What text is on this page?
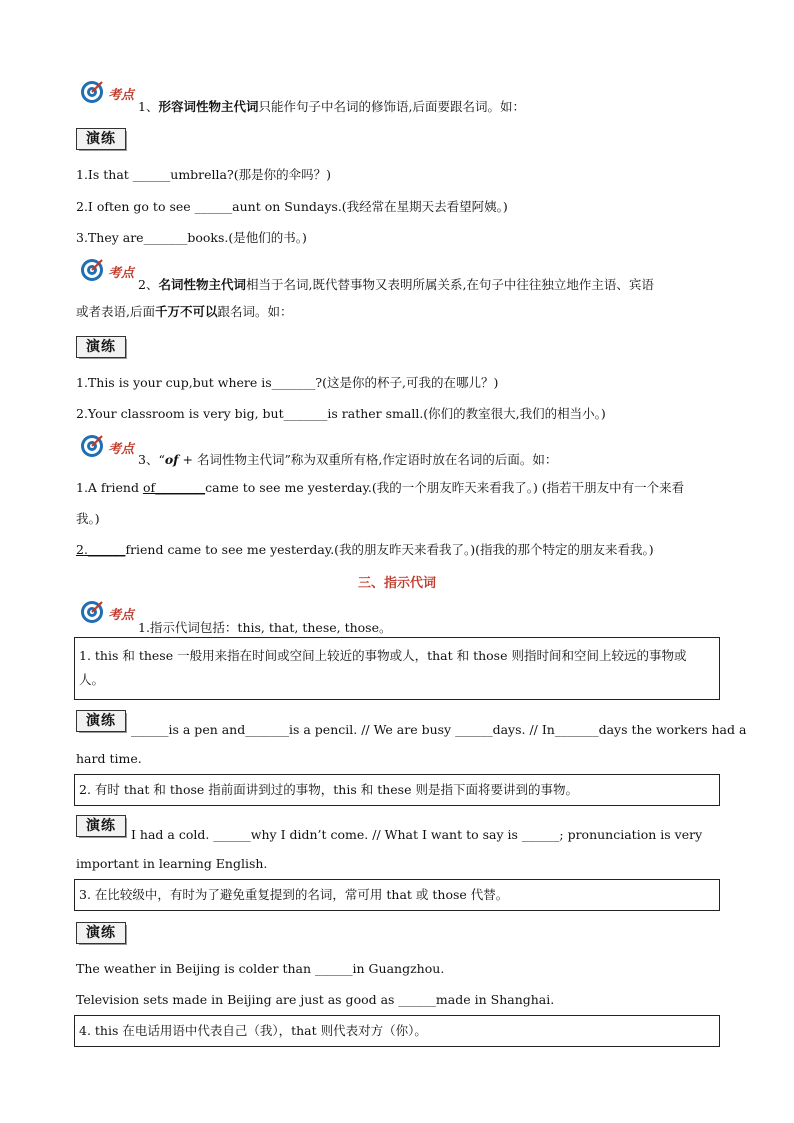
考点
1、形容词性物主代词只能作句子中名词的修饰语,后面要跟名词。如：
演练
1.Is that ______umbrella?(那是你的伞吗？)
2.I often go to see ______aunt on Sundays.(我经常在星期天去看望阿姨。)
3.They are_______books.(是他们的书。)
考点
2、名词性物主代词相当于名词,既代替事物又表明所属关系,在句子中往往独立地作主语、宾语
或者表语,后面千万不可以跟名词。如：
演练
1.This is your cup,but where is_______?(这是你的杯子,可我的在哪儿？)
2.Your classroom is very big, but_______is rather small.(你们的教室很大,我们的相当小。)
考点
3、“of + 名词性物主代词”称为双重所有格,作定语时放在名词的后面。如：
1.A friend of________came to see me yesterday.(我的一个朋友昨天来看我了。) (指若干朋友中有一个来看
我。)
2.______friend came to see me yesterday.(我的朋友昨天来看我了。)(指我的那个特定的朋友来看我。)
三、指示代词
考点
1.指示代词包括：this, that, these, those。
1. this 和 these 一般用来指在时间或空间上较近的事物或人，that 和 those 则指时间和空间上较远的事物或
人。
演练
______is a pen and_______is a pencil. // We are busy ______days. // In_______days the workers had a
hard time.
2. 有时 that 和 those 指前面讲到过的事物，this 和 these 则是指下面将要讲到的事物。
演练
I had a cold. ______why I didn’t come. // What I want to say is ______; pronunciation is very
important in learning English.
3. 在比较级中，有时为了避免重复提到的名词，常可用 that 或 those 代替。
演练
The weather in Beijing is colder than ______in Guangzhou.
Television sets made in Beijing are just as good as ______made in Shanghai.
4. this 在电话用语中代表自己（我），that 则代表对方（你）。
